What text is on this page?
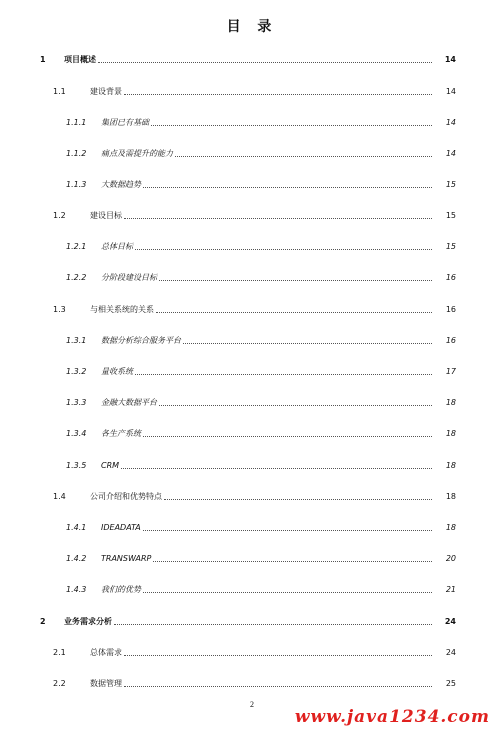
目 录
1 项目概述	14
1.1	建设背景	14
1.1.1 集团已有基础	14
1.1.2 痛点及需提升的能力	14
1.1.3 大数据趋势	15
1.2	建设目标	15
1.2.1 总体目标	15
1.2.2 分阶段建设目标	16
1.3	与相关系统的关系	16
1.3.1 数据分析综合服务平台	16
1.3.2 量收系统	17
1.3.3 金融大数据平台	18
1.3.4 各生产系统	18
1.3.5 CRM	18
1.4	公司介绍和优势特点	18
1.4.1 IDEADATA	18
1.4.2 TRANSWARP	20
1.4.3 我们的优势	21
2 业务需求分析	24
2.1	总体需求	24
2.2	数据管理	25
2
www.java1234.com
